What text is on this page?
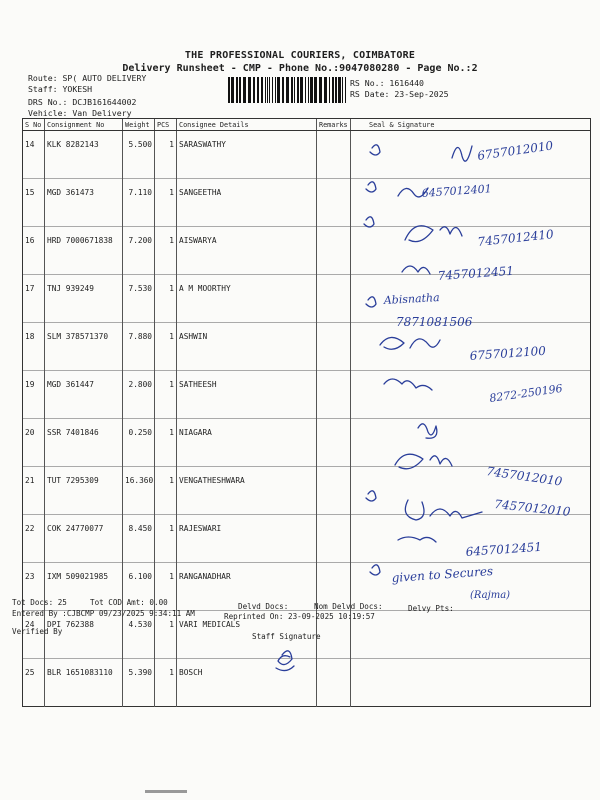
THE PROFESSIONAL COURIERS, COIMBATORE
Delivery Runsheet - CMP - Phone No.:9047080280 - Page No.:2
Route: SP( AUTO DELIVERY
Staff: YOKESH
DRS No.: DCJB161644002
Vehicle: Van Delivery
RS No.: 1616440
RS Date: 23-Sep-2025
S No	Consignment No	Weight	PCS	Consignee Details	Remarks	Seal & Signature
14	KLK 8282143	5.500	1	SARASWATHY		
15	MGD 361473	7.110	1	SANGEETHA		
16	HRD 7000671838	7.200	1	AISWARYA		
17	TNJ 939249	7.530	1	A M MOORTHY		
18	SLM 378571370	7.880	1	ASHWIN		
19	MGD 361447	2.800	1	SATHEESH		
20	SSR 7401846	0.250	1	NIAGARA		
21	TUT 7295309	16.360	1	VENGATHESHWARA		
22	COK 24770077	8.450	1	RAJESWARI		
23	IXM 509021985	6.100	1	RANGANADHAR		
24	DPI 762388	4.530	1	VARI MEDICALS		
25	BLR 1651083110	5.390	1	BOSCH		
6757012010
6457012401
7457012410
7457012451
Abisnatha
7871081506
6757012100
8272-250196
7457012010
7457012010
6457012451
given to Secures
(Rajma)
Tot Docs: 25	Tot COD Amt: 0.00	Delvd Docs:	Nom Delvd Docs:	Delvy Pts:
Entered By :CJBCMP 09/23/2025 9:34:11 AM	Reprinted On: 23-09-2025 10:19:57
Verified By
Staff Signature
